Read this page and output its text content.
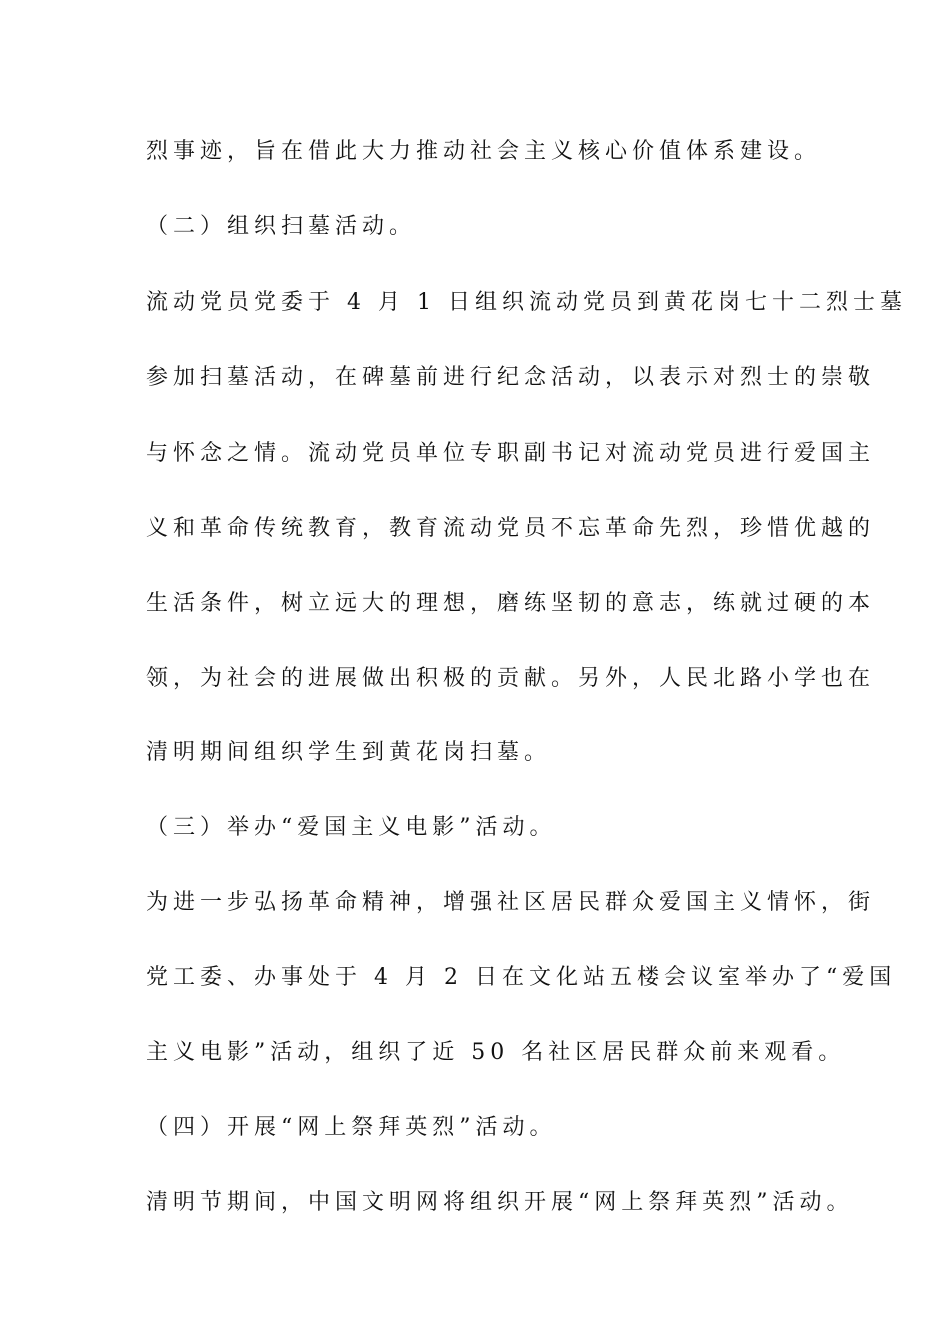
烈事迹，旨在借此大力推动社会主义核心价值体系建设。
（二）组织扫墓活动。
流动党员党委于 4 月 1 日组织流动党员到黄花岗七十二烈士墓
参加扫墓活动，在碑墓前进行纪念活动，以表示对烈士的崇敬
与怀念之情。流动党员单位专职副书记对流动党员进行爱国主
义和革命传统教育，教育流动党员不忘革命先烈，珍惜优越的
生活条件，树立远大的理想，磨练坚韧的意志，练就过硬的本
领，为社会的进展做出积极的贡献。另外，人民北路小学也在
清明期间组织学生到黄花岗扫墓。
（三）举办“爱国主义电影”活动。
为进一步弘扬革命精神，增强社区居民群众爱国主义情怀，街
党工委、办事处于 4 月 2 日在文化站五楼会议室举办了“爱国
主义电影”活动，组织了近 50 名社区居民群众前来观看。
（四）开展“网上祭拜英烈”活动。
清明节期间，中国文明网将组织开展“网上祭拜英烈”活动。
